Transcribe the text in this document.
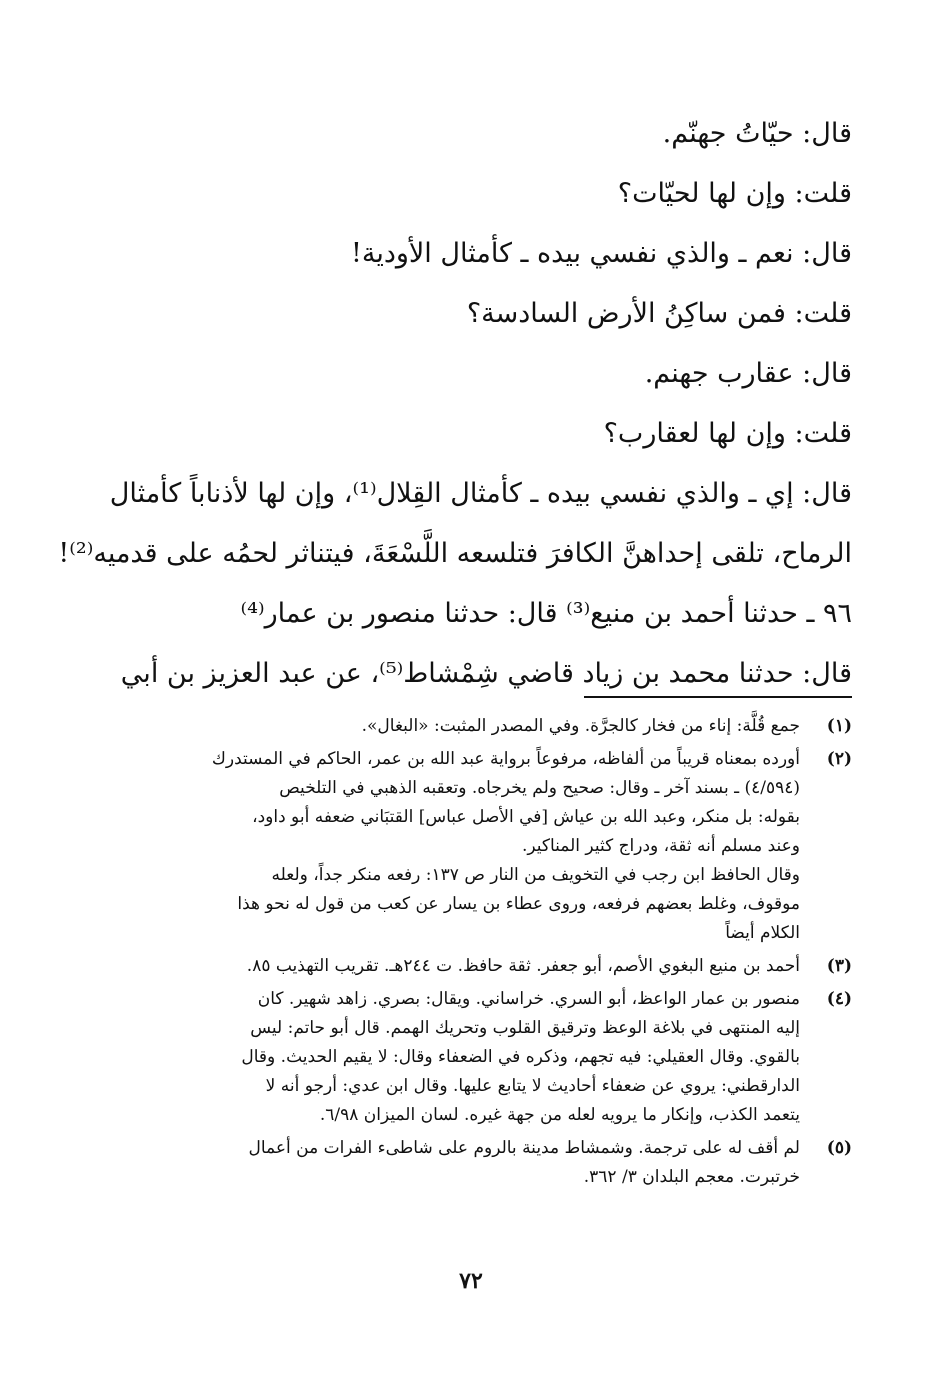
قال: حيّاتُ جهنّم.
قلت: وإن لها لحيّات؟
قال: نعم ـ والذي نفسي بيده ـ كأمثال الأودية!
قلت: فمن ساكِنُ الأرض السادسة؟
قال: عقارب جهنم.
قلت: وإن لها لعقارب؟
قال: إي ـ والذي نفسي بيده ـ كأمثال القِلال⁽¹⁾، وإن لها لأذناباً كأمثال
الرماح، تلقى إحداهنَّ الكافرَ فتلسعه اللَّسْعَةَ، فيتناثر لحمُه على قدميه⁽²⁾!
٩٦ ـ حدثنا أحمد بن منيع⁽³⁾ قال: حدثنا منصور بن عمار⁽⁴⁾
قال: حدثنا محمد بن زياد قاضي شِمْشاط⁽⁵⁾، عن عبد العزيز بن أبي
(١)
جمع قُلَّة: إناء من فخار كالجرَّة. وفي المصدر المثبت: «البغال».
(٢)
أورده بمعناه قريباً من ألفاظه، مرفوعاً برواية عبد الله بن عمر، الحاكم في المستدرك
(٤/٥٩٤) ـ بسند آخر ـ وقال: صحيح ولم يخرجاه. وتعقبه الذهبي في التلخيص
بقوله: بل منكر، وعبد الله بن عياش [في الأصل عباس] القتبَاني ضعفه أبو داود،
وعند مسلم أنه ثقة، ودراج كثير المناكير.
وقال الحافظ ابن رجب في التخويف من النار ص ١٣٧: رفعه منكر جداً، ولعله
موقوف، وغلط بعضهم فرفعه، وروى عطاء بن يسار عن كعب من قول له نحو هذا
الكلام أيضاً
(٣)
أحمد بن منيع البغوي الأصم، أبو جعفر. ثقة حافظ. ت ٢٤٤هـ. تقريب التهذيب ٨٥.
(٤)
منصور بن عمار الواعظ، أبو السري. خراساني. ويقال: بصري. زاهد شهير. كان
إليه المنتهى في بلاغة الوعظ وترقيق القلوب وتحريك الهمم. قال أبو حاتم: ليس
بالقوي. وقال العقيلي: فيه تجهم، وذكره في الضعفاء وقال: لا يقيم الحديث. وقال
الدارقطني: يروي عن ضعفاء أحاديث لا يتابع عليها. وقال ابن عدي: أرجو أنه لا
يتعمد الكذب، وإنكار ما يرويه لعله من جهة غيره. لسان الميزان ٦/٩٨.
(٥)
لم أقف له على ترجمة. وشمشاط مدينة بالروم على شاطىء الفرات من أعمال
خرتبرت. معجم البلدان ٣/ ٣٦٢.
٧٢
